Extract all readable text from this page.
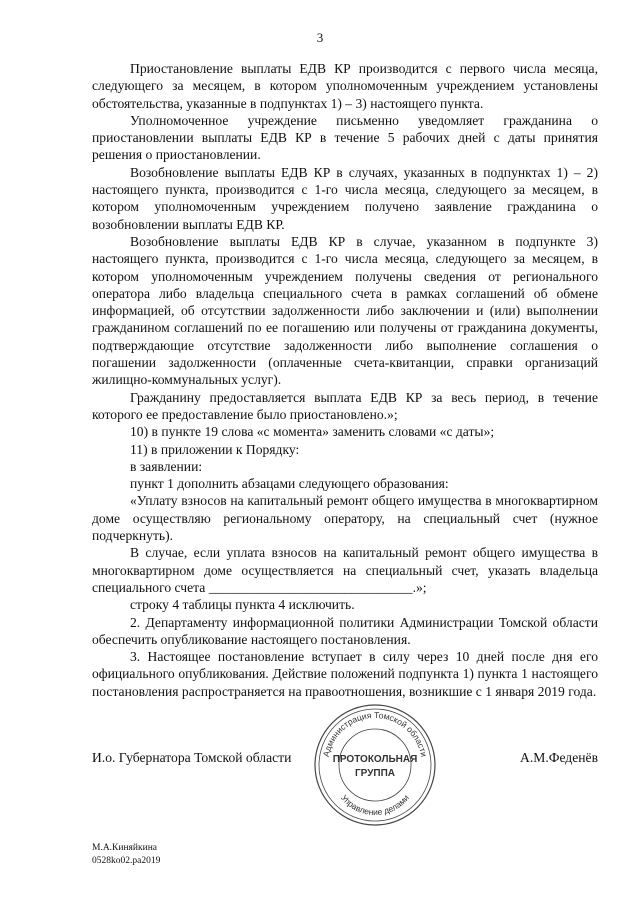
3

Приостановление выплаты ЕДВ КР производится с первого числа месяца, следующего за месяцем, в котором уполномоченным учреждением установлены обстоятельства, указанные в подпунктах 1) – 3) настоящего пункта.

Уполномоченное учреждение письменно уведомляет гражданина о приостановлении выплаты ЕДВ КР в течение 5 рабочих дней с даты принятия решения о приостановлении.

Возобновление выплаты ЕДВ КР в случаях, указанных в подпунктах 1) – 2) настоящего пункта, производится с 1-го числа месяца, следующего за месяцем, в котором уполномоченным учреждением получено заявление гражданина о возобновлении выплаты ЕДВ КР.

Возобновление выплаты ЕДВ КР в случае, указанном в подпункте 3) настоящего пункта, производится с 1-го числа месяца, следующего за месяцем, в котором уполномоченным учреждением получены сведения от регионального оператора либо владельца специального счета в рамках соглашений об обмене информацией, об отсутствии задолженности либо заключении и (или) выполнении гражданином соглашений по ее погашению или получены от гражданина документы, подтверждающие отсутствие задолженности либо выполнение соглашения о погашении задолженности (оплаченные счета-квитанции, справки организаций жилищно-коммунальных услуг).

Гражданину предоставляется выплата ЕДВ КР за весь период, в течение которого ее предоставление было приостановлено.»;

10) в пункте 19 слова «с момента» заменить словами «с даты»;

11) в приложении к Порядку:

в заявлении:

пункт 1 дополнить абзацами следующего образования:

«Уплату взносов на капитальный ремонт общего имущества в многоквартирном доме осуществляю региональному оператору, на специальный счет (нужное подчеркнуть).

В случае, если уплата взносов на капитальный ремонт общего имущества в многоквартирном доме осуществляется на специальный счет, указать владельца специального счета ______________________________.»;

строку 4 таблицы пункта 4 исключить.

2. Департаменту информационной политики Администрации Томской области обеспечить опубликование настоящего постановления.

3. Настоящее постановление вступает в силу через 10 дней после дня его официального опубликования. Действие положений подпункта 1) пункта 1 настоящего постановления распространяется на правоотношения, возникшие с 1 января 2019 года.

Администрация Томской области
Управление делами
ПРОТОКОЛЬНАЯ
ГРУППА
И.о. Губернатора Томской области	А.М.Феденёв
М.А.Киняйкина
0528ko02.pa2019
